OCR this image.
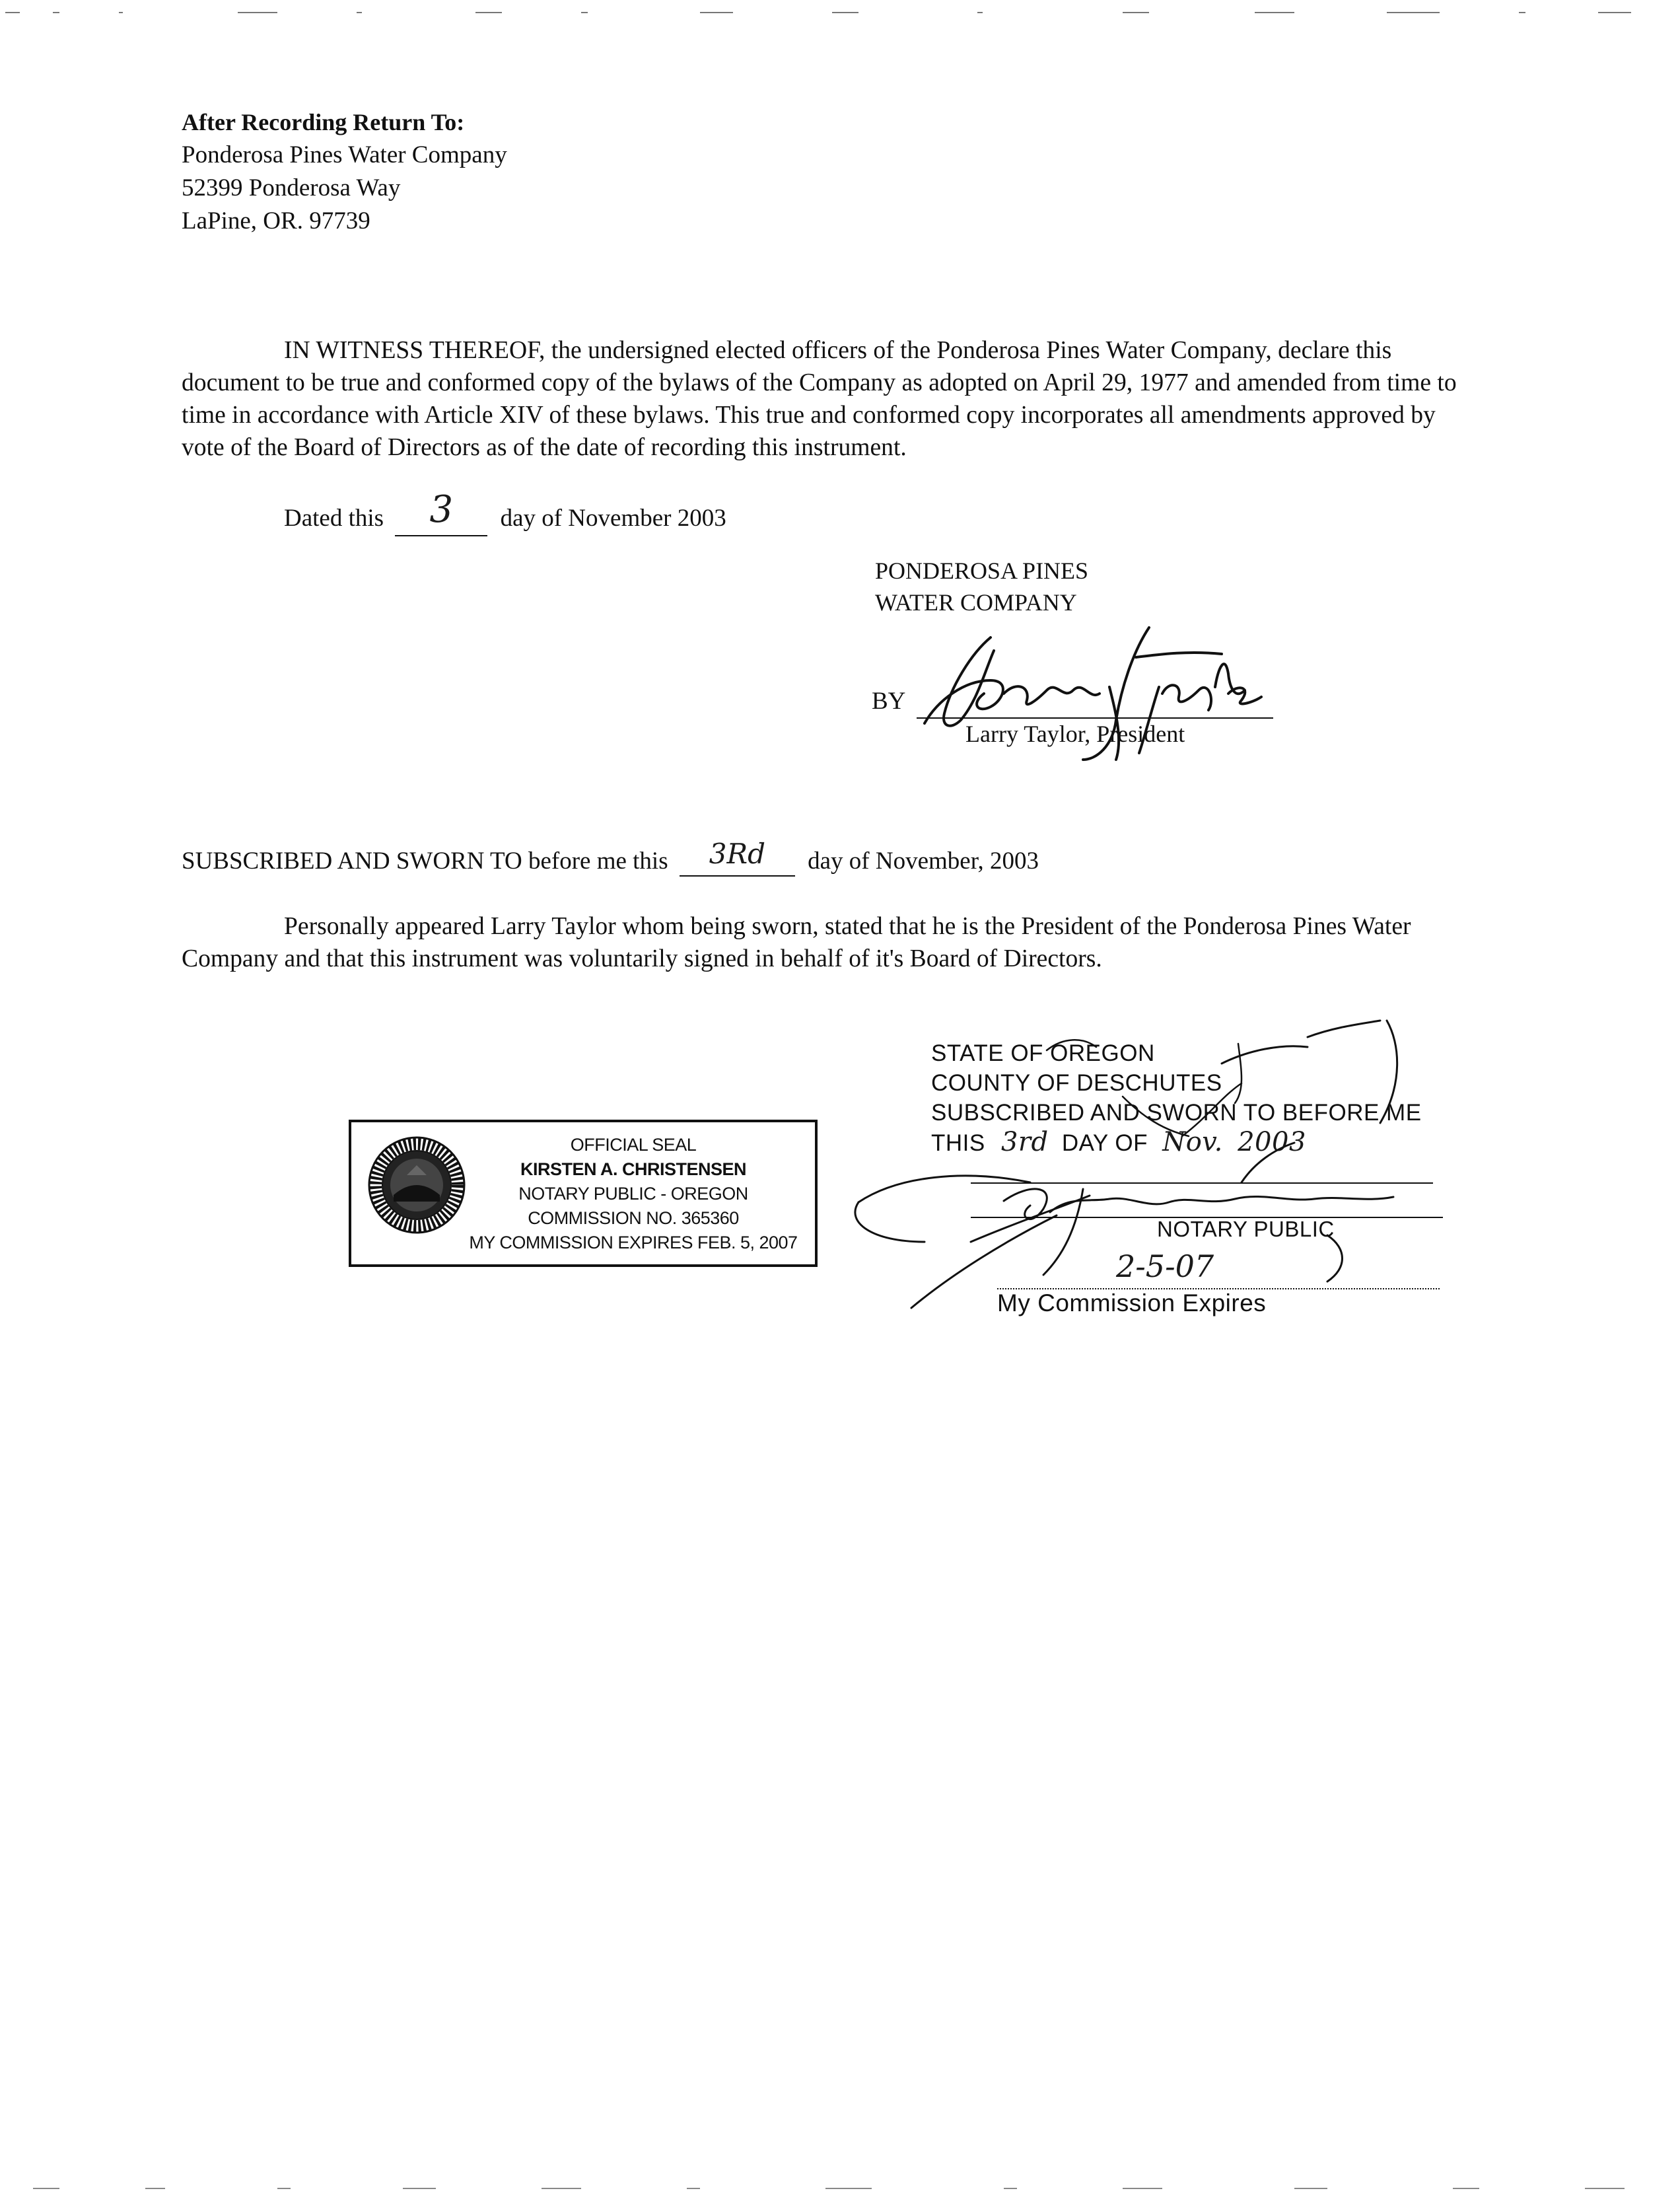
After Recording Return To:
Ponderosa Pines Water Company
52399 Ponderosa Way
LaPine, OR. 97739

IN WITNESS THEREOF, the undersigned elected officers of the Ponderosa Pines Water Company, declare this document to be true and conformed copy of the bylaws of the Company as adopted on April 29, 1977 and amended from time to time in accordance with Article XIV of these bylaws. This true and conformed copy incorporates all amendments approved by vote of the Board of Directors as of the date of recording this instrument.

Dated this 3 day of November 2003
PONDEROSA PINES
WATER COMPANY
BY
Larry Taylor, President
SUBSCRIBED AND SWORN TO before me this 3Rd day of November, 2003

Personally appeared Larry Taylor whom being sworn, stated that he is the President of the Ponderosa Pines Water Company and that this instrument was voluntarily signed in behalf of it's Board of Directors.

OFFICIAL SEAL
KIRSTEN A. CHRISTENSEN
NOTARY PUBLIC - OREGON
COMMISSION NO. 365360
MY COMMISSION EXPIRES FEB. 5, 2007
STATE OF OREGON
COUNTY OF DESCHUTES
SUBSCRIBED AND SWORN TO BEFORE ME
THIS 3rd DAY OF Nov. 2003
NOTARY PUBLIC
2-5-07
My Commission Expires
